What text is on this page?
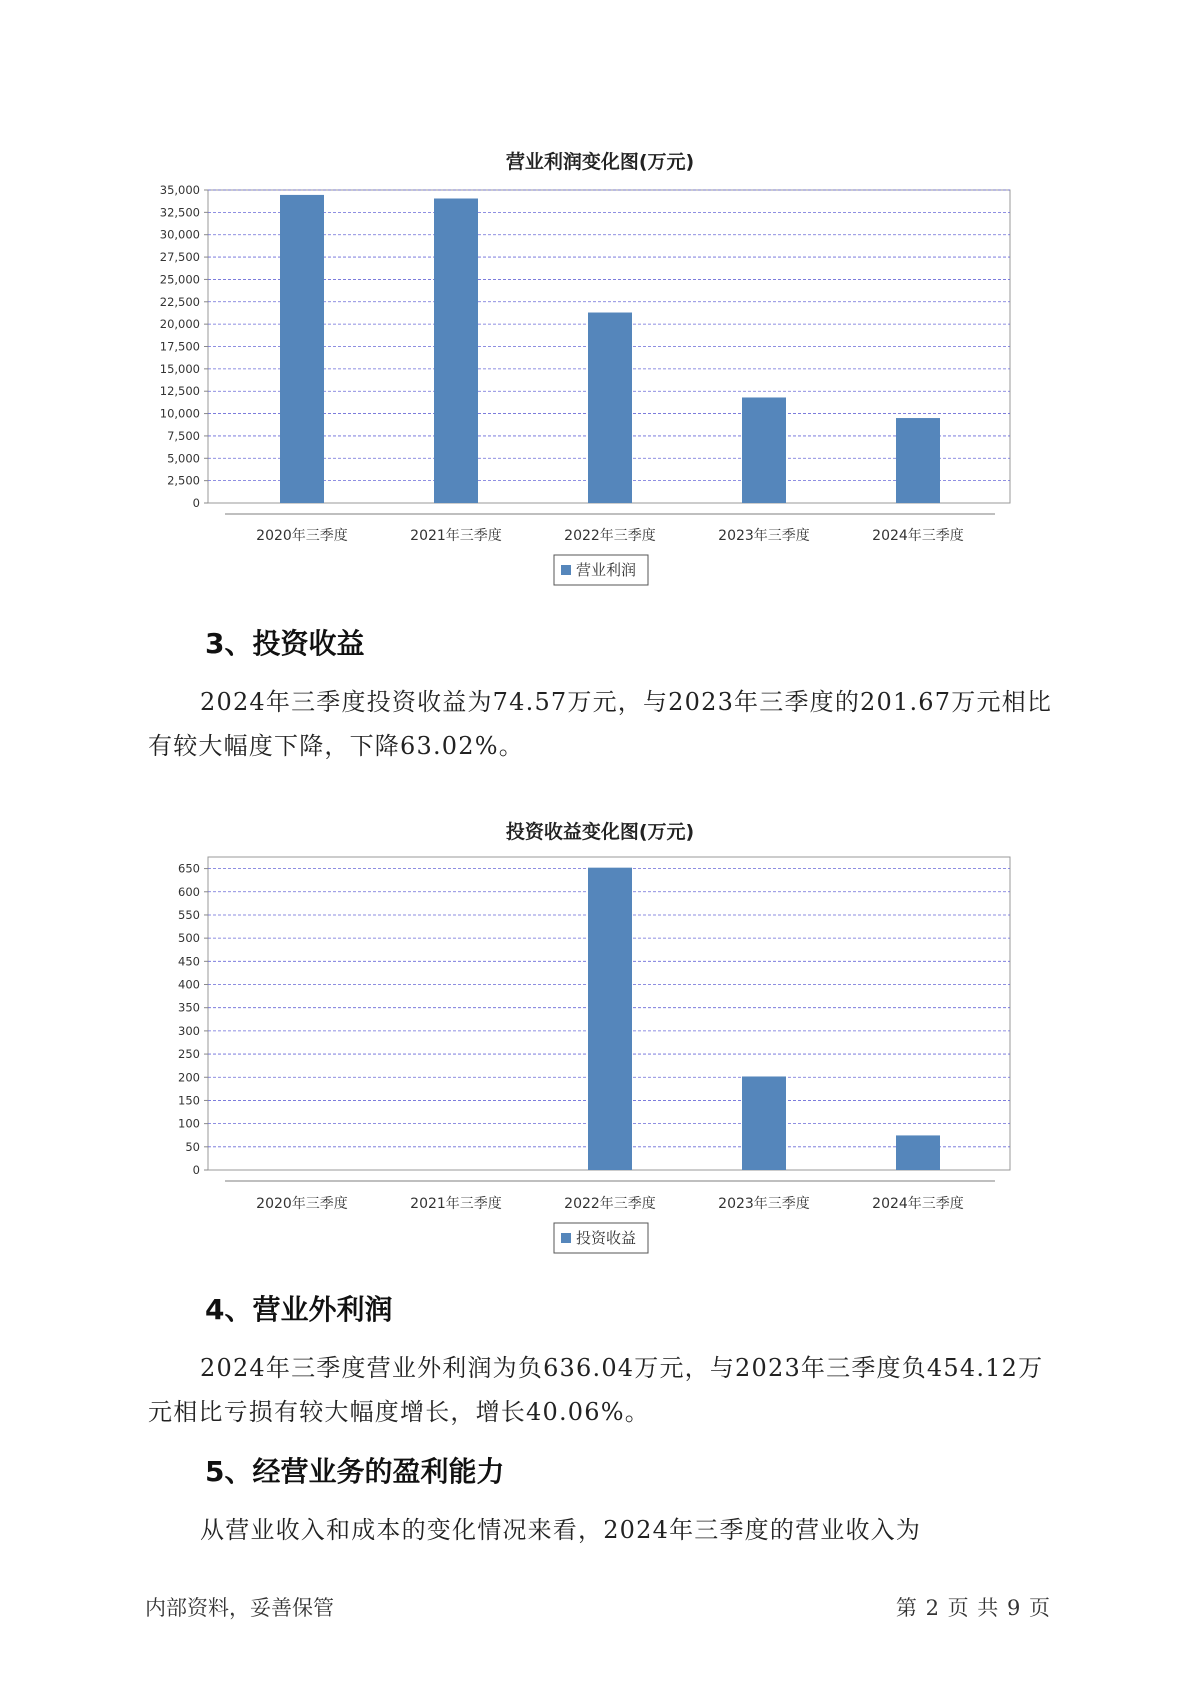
营业利润变化图(万元)
0
2,500
5,000
7,500
10,000
12,500
15,000
17,500
20,000
22,500
25,000
27,500
30,000
32,500
35,000
2020年三季度	2021年三季度	2022年三季度	2023年三季度	2024年三季度
营业利润
3、投资收益

2024年三季度投资收益为74.57万元，与2023年三季度的201.67万元相比有较大幅度下降，下降63.02%。

投资收益变化图(万元)
0
50
100
150
200
250
300
350
400
450
500
550
600
650
2020年三季度	2021年三季度	2022年三季度	2023年三季度	2024年三季度
投资收益
4、营业外利润

2024年三季度营业外利润为负636.04万元，与2023年三季度负454.12万元相比亏损有较大幅度增长，增长40.06%。

5、经营业务的盈利能力

从营业收入和成本的变化情况来看，2024年三季度的营业收入为

内部资料，妥善保管	第 2 页 共 9 页
